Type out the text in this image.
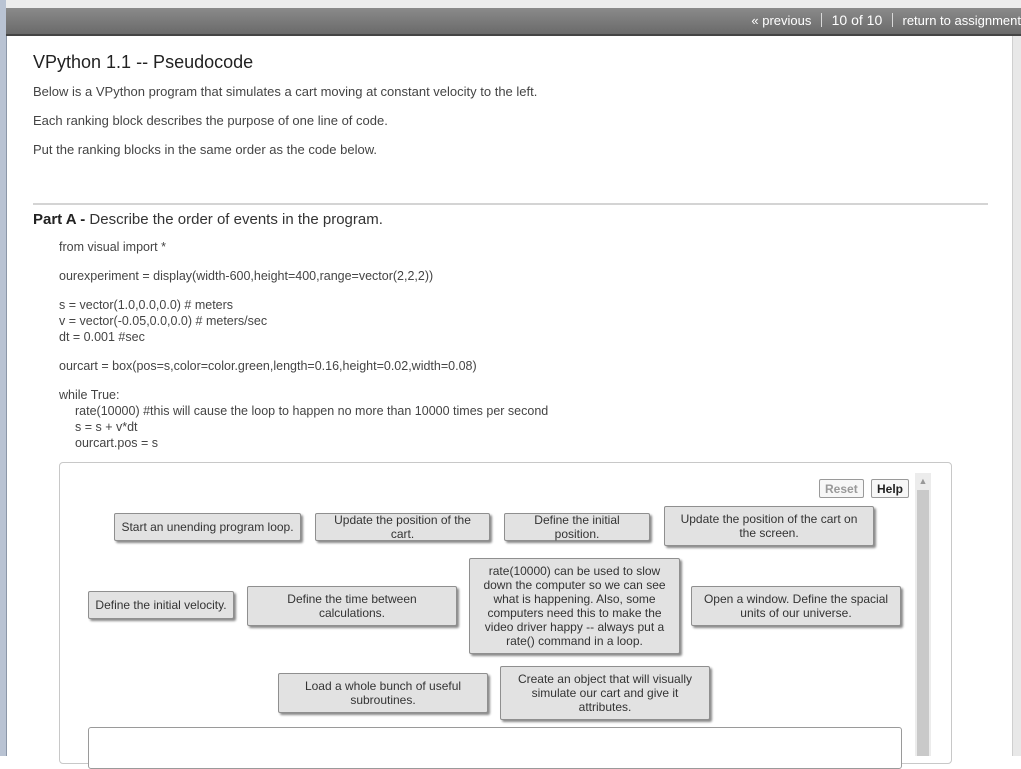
« previous 10 of 10 return to assignment
VPython 1.1 -- Pseudocode
Below is a VPython program that simulates a cart moving at constant velocity to the left.
Each ranking block describes the purpose of one line of code.
Put the ranking blocks in the same order as the code below.
Part A - Describe the order of events in the program.
from visual import *
ourexperiment = display(width-600,height=400,range=vector(2,2,2))
s = vector(1.0,0.0,0.0) # meters
v = vector(-0.05,0.0,0.0) # meters/sec
dt = 0.001 #sec
ourcart = box(pos=s,color=color.green,length=0.16,height=0.02,width=0.08)
while True:
rate(10000) #this will cause the loop to happen no more than 10000 times per second
s = s + v*dt
ourcart.pos = s
▲
Reset	Help
Start an unending program loop.	Update the position of the cart.
Define the initial position.
Update the position of the cart on the screen.
Define the initial velocity.	Define the time between calculations.
rate(10000) can be used to slow down the computer so we can see what is happening. Also, some computers need this to make the video driver happy -- always put a rate() command in a loop.
Open a window. Define the spacial units of our universe.
Load a whole bunch of useful subroutines.
Create an object that will visually simulate our cart and give it attributes.
